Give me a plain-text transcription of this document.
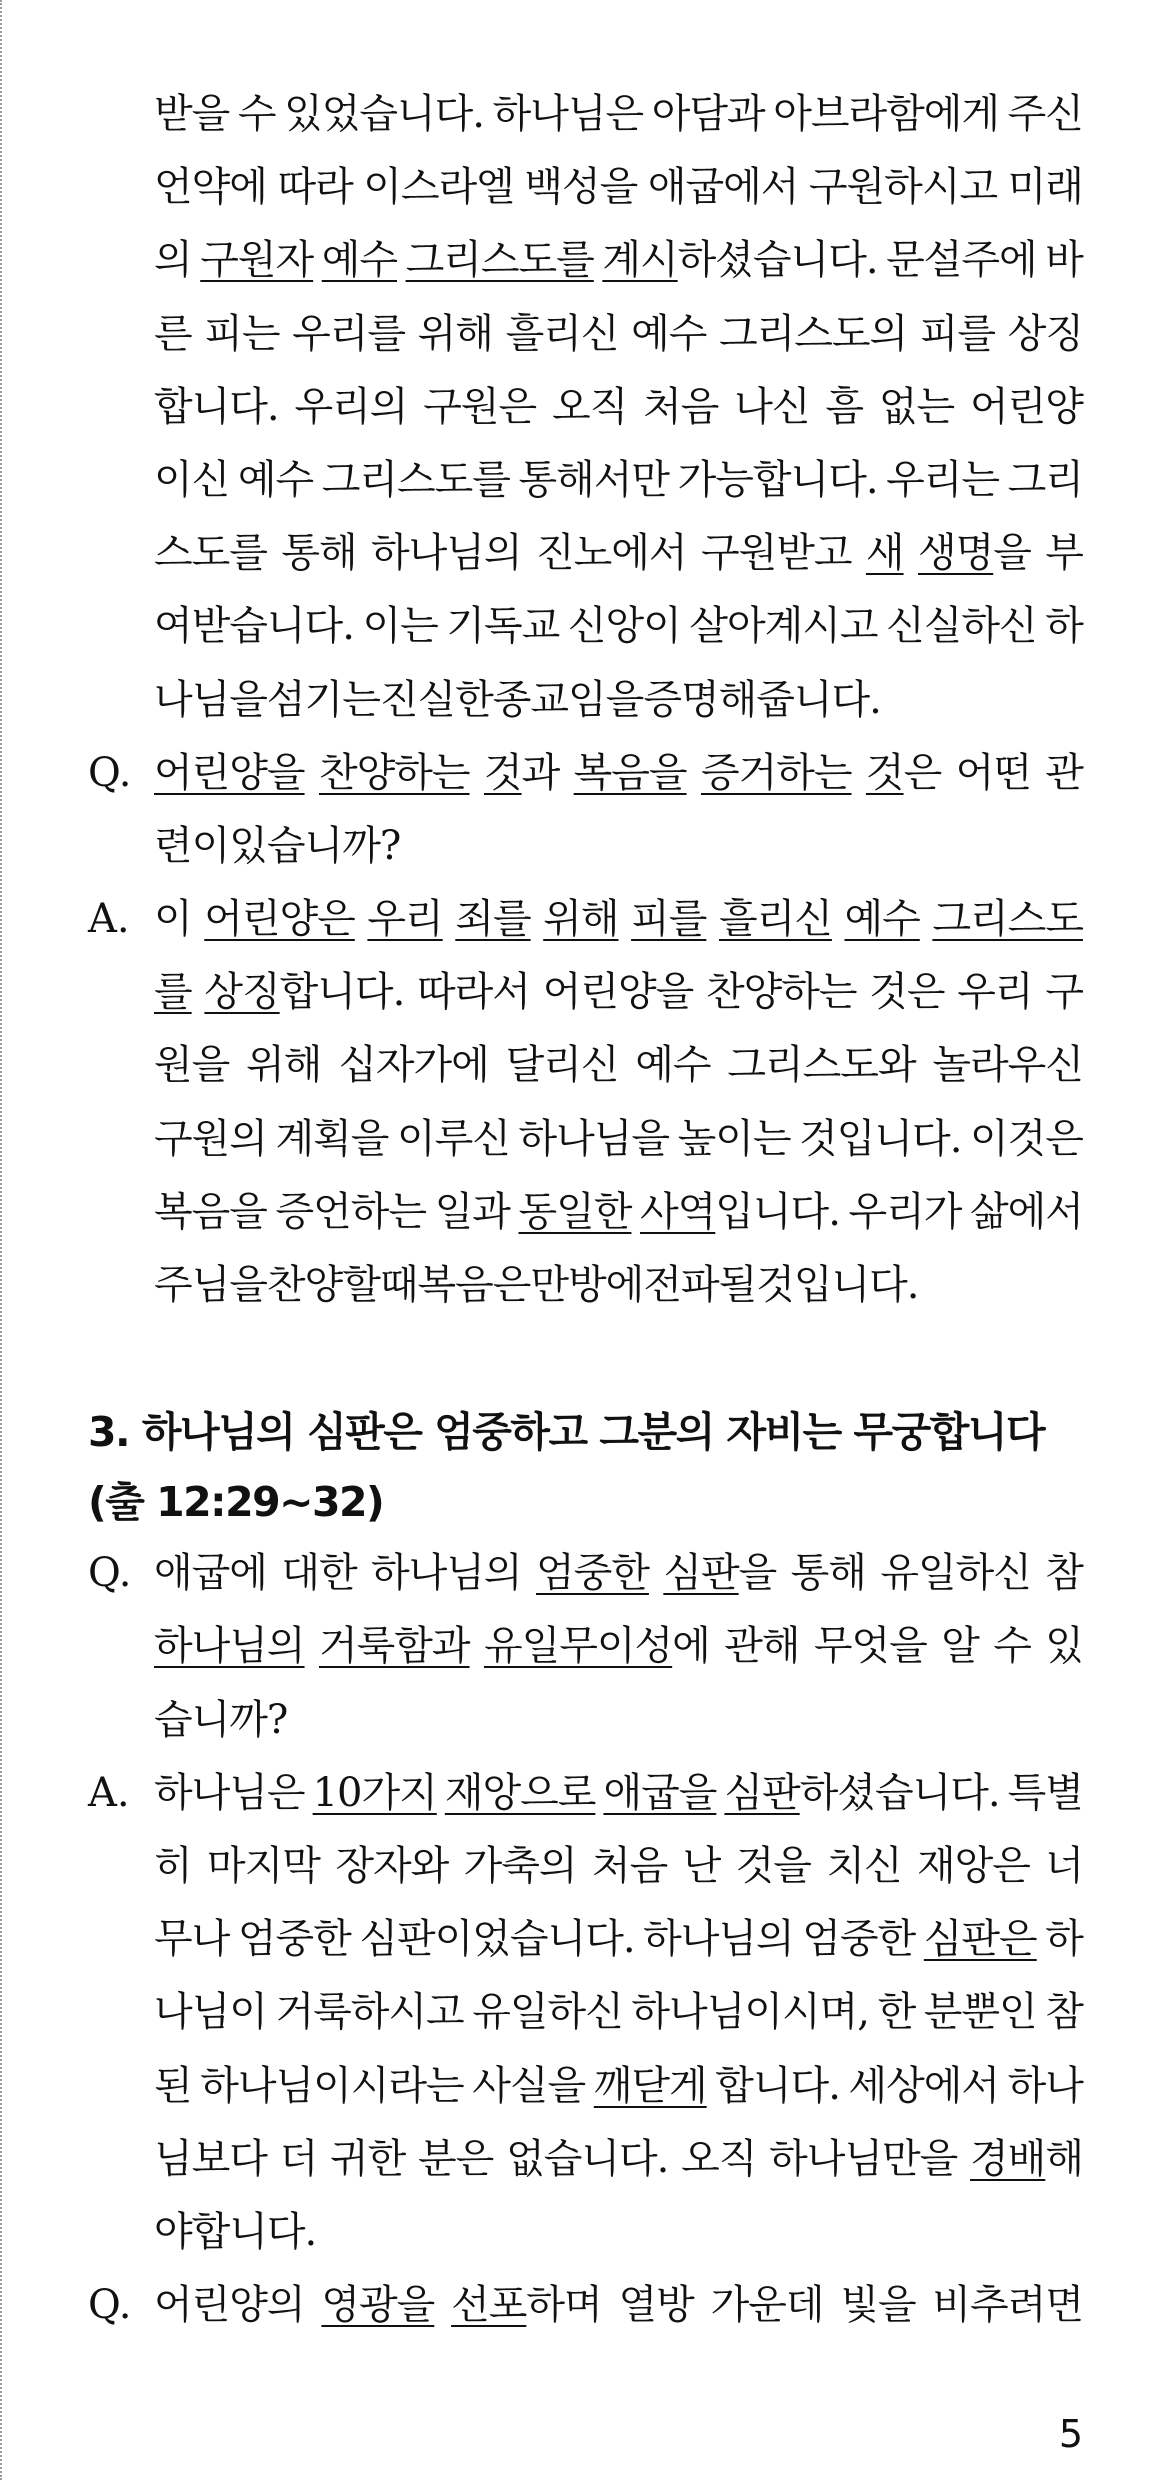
받을 수 있었습니다. 하나님은 아담과 아브라함에게 주신
언약에 따라 이스라엘 백성을 애굽에서 구원하시고 미래
의 구원자 예수 그리스도를 계시하셨습니다. 문설주에 바
른 피는 우리를 위해 흘리신 예수 그리스도의 피를 상징
합니다. 우리의 구원은 오직 처음 나신 흠 없는 어린양
이신 예수 그리스도를 통해서만 가능합니다. 우리는 그리
스도를 통해 하나님의 진노에서 구원받고 새 생명을 부
여받습니다. 이는 기독교 신앙이 살아계시고 신실하신 하
나님을 섬기는 진실한 종교임을 증명해 줍니다.
Q. 어린양을 찬양하는 것과 복음을 증거하는 것은 어떤 관
련이 있습니까?
A. 이 어린양은 우리 죄를 위해 피를 흘리신 예수 그리스도
를 상징합니다. 따라서 어린양을 찬양하는 것은 우리 구
원을 위해 십자가에 달리신 예수 그리스도와 놀라우신
구원의 계획을 이루신 하나님을 높이는 것입니다. 이것은
복음을 증언하는 일과 동일한 사역입니다. 우리가 삶에서
주님을 찬양할 때 복음은 만방에 전파될 것입니다.
3. 하나님의 심판은 엄중하고 그분의 자비는 무궁합니다
(출 12:29~32)
Q. 애굽에 대한 하나님의 엄중한 심판을 통해 유일하신 참
하나님의 거룩함과 유일무이성에 관해 무엇을 알 수 있
습니까?
A. 하나님은 10가지 재앙으로 애굽을 심판하셨습니다. 특별
히 마지막 장자와 가축의 처음 난 것을 치신 재앙은 너
무나 엄중한 심판이었습니다. 하나님의 엄중한 심판은 하
나님이 거룩하시고 유일하신 하나님이시며, 한 분뿐인 참
된 하나님이시라는 사실을 깨닫게 합니다. 세상에서 하나
님보다 더 귀한 분은 없습니다. 오직 하나님만을 경배해
야 합니다.
Q. 어린양의 영광을 선포하며 열방 가운데 빛을 비추려면
5
